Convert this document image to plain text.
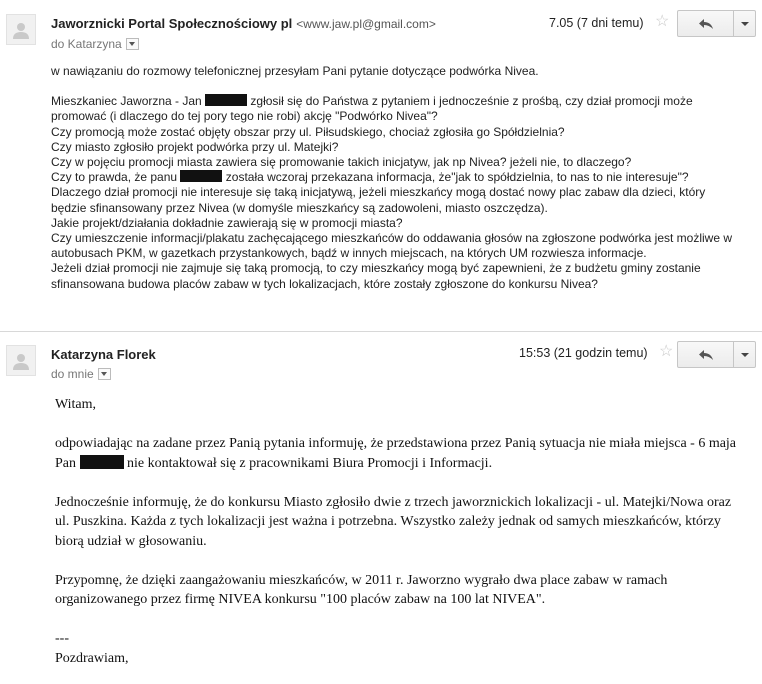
Jaworznicki Portal Społecznościowy pl <www.jaw.pl@gmail.com>
do Katarzyna
7.05 (7 dni temu) ☆

w nawiązaniu do rozmowy telefonicznej przesyłam Pani pytanie dotyczące podwórka Nivea.

Mieszkaniec Jaworzna - Jan	zgłosił się do Państwa z pytaniem i jednocześnie z prośbą, czy dział promocji może promować (i dlaczego do tej pory tego nie robi) akcję "Podwórko Nivea"?

Czy promocją może zostać objęty obszar przy ul. Piłsudskiego, chociaż zgłosiła go Spółdzielnia?

Czy miasto zgłosiło projekt podwórka przy ul. Matejki?

Czy w pojęciu promocji miasta zawiera się promowanie takich inicjatyw, jak np Nivea? jeżeli nie, to dlaczego?

Czy to prawda, że panu	została wczoraj przekazana informacja, że"jak to spółdzielnia, to nas to nie interesuje"? Dlaczego dział promocji nie interesuje się taką inicjatywą, jeżeli mieszkańcy mogą dostać nowy plac zabaw dla dzieci, który będzie sfinansowany przez Nivea (w domyśle mieszkańcy są zadowoleni, miasto oszczędza).

Jakie projekt/działania dokładnie zawierają się w promocji miasta?

Czy umieszczenie informacji/plakatu zachęcającego mieszkańców do oddawania głosów na zgłoszone podwórka jest możliwe w autobusach PKM, w gazetkach przystankowych, bądź w innych miejscach, na których UM rozwiesza informacje.

Jeżeli dział promocji nie zajmuje się taką promocją, to czy mieszkańcy mogą być zapewnieni, że z budżetu gminy zostanie sfinansowana budowa placów zabaw w tych lokalizacjach, które zostały zgłoszone do konkursu Nivea?

Katarzyna Florek
do mnie
15:53 (21 godzin temu) ☆

Witam,

odpowiadając na zadane przez Panią pytania informuję, że przedstawiona przez Panią sytuacja nie miała miejsca - 6 maja Pan	nie kontaktował się z pracownikami Biura Promocji i Informacji.

Jednocześnie informuję, że do konkursu Miasto zgłosiło dwie z trzech jaworznickich lokalizacji - ul. Matejki/Nowa oraz ul. Puszkina. Każda z tych lokalizacji jest ważna i potrzebna. Wszystko zależy jednak od samych mieszkańców, którzy biorą udział w głosowaniu.

Przypomnę, że dzięki zaangażowaniu mieszkańców, w 2011 r. Jaworzno wygrało dwa place zabaw w ramach organizowanego przez firmę NIVEA konkursu "100 placów zabaw na 100 lat NIVEA".

---

Pozdrawiam,
